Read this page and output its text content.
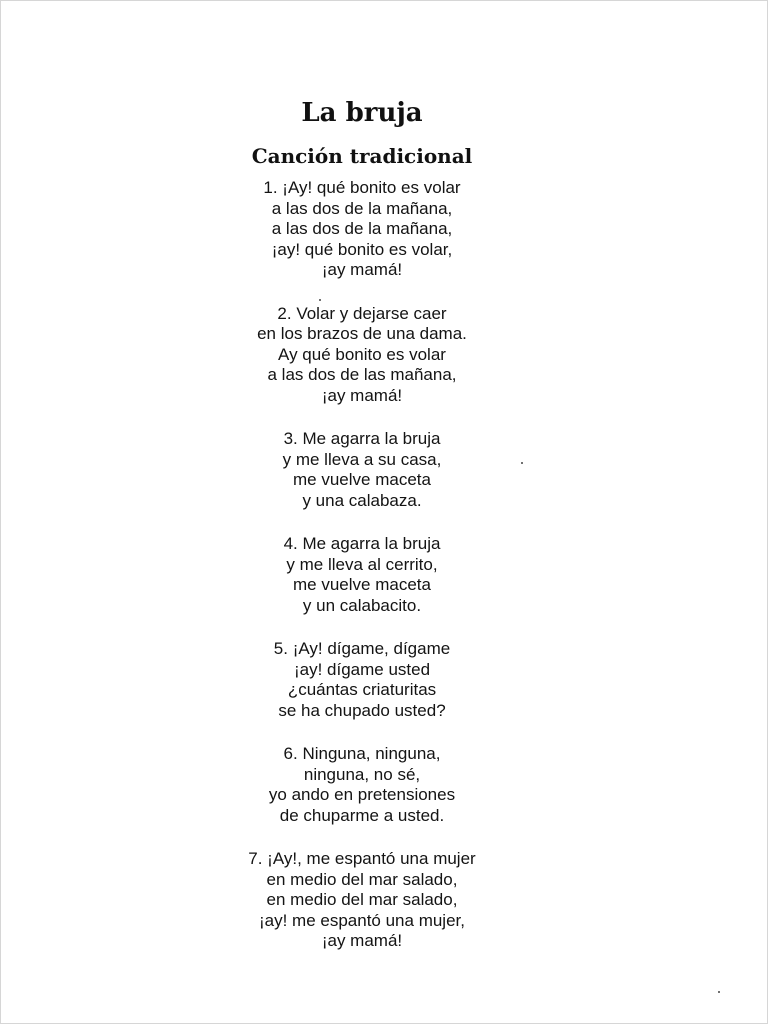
La bruja
Canción tradicional
1. ¡Ay! qué bonito es volar
a las dos de la mañana,
a las dos de la mañana,
¡ay! qué bonito es volar,
¡ay mamá!
2. Volar y dejarse caer
en los brazos de una dama.
Ay qué bonito es volar
a las dos de las mañana,
¡ay mamá!
3. Me agarra la bruja
y me lleva a su casa,
me vuelve maceta
y una calabaza.
4. Me agarra la bruja
y me lleva al cerrito,
me vuelve maceta
y un calabacito.
5. ¡Ay! dígame, dígame
¡ay! dígame usted
¿cuántas criaturitas
se ha chupado usted?
6. Ninguna, ninguna,
ninguna, no sé,
yo ando en pretensiones
de chuparme a usted.
7. ¡Ay!, me espantó una mujer
en medio del mar salado,
en medio del mar salado,
¡ay! me espantó una mujer,
¡ay mamá!
